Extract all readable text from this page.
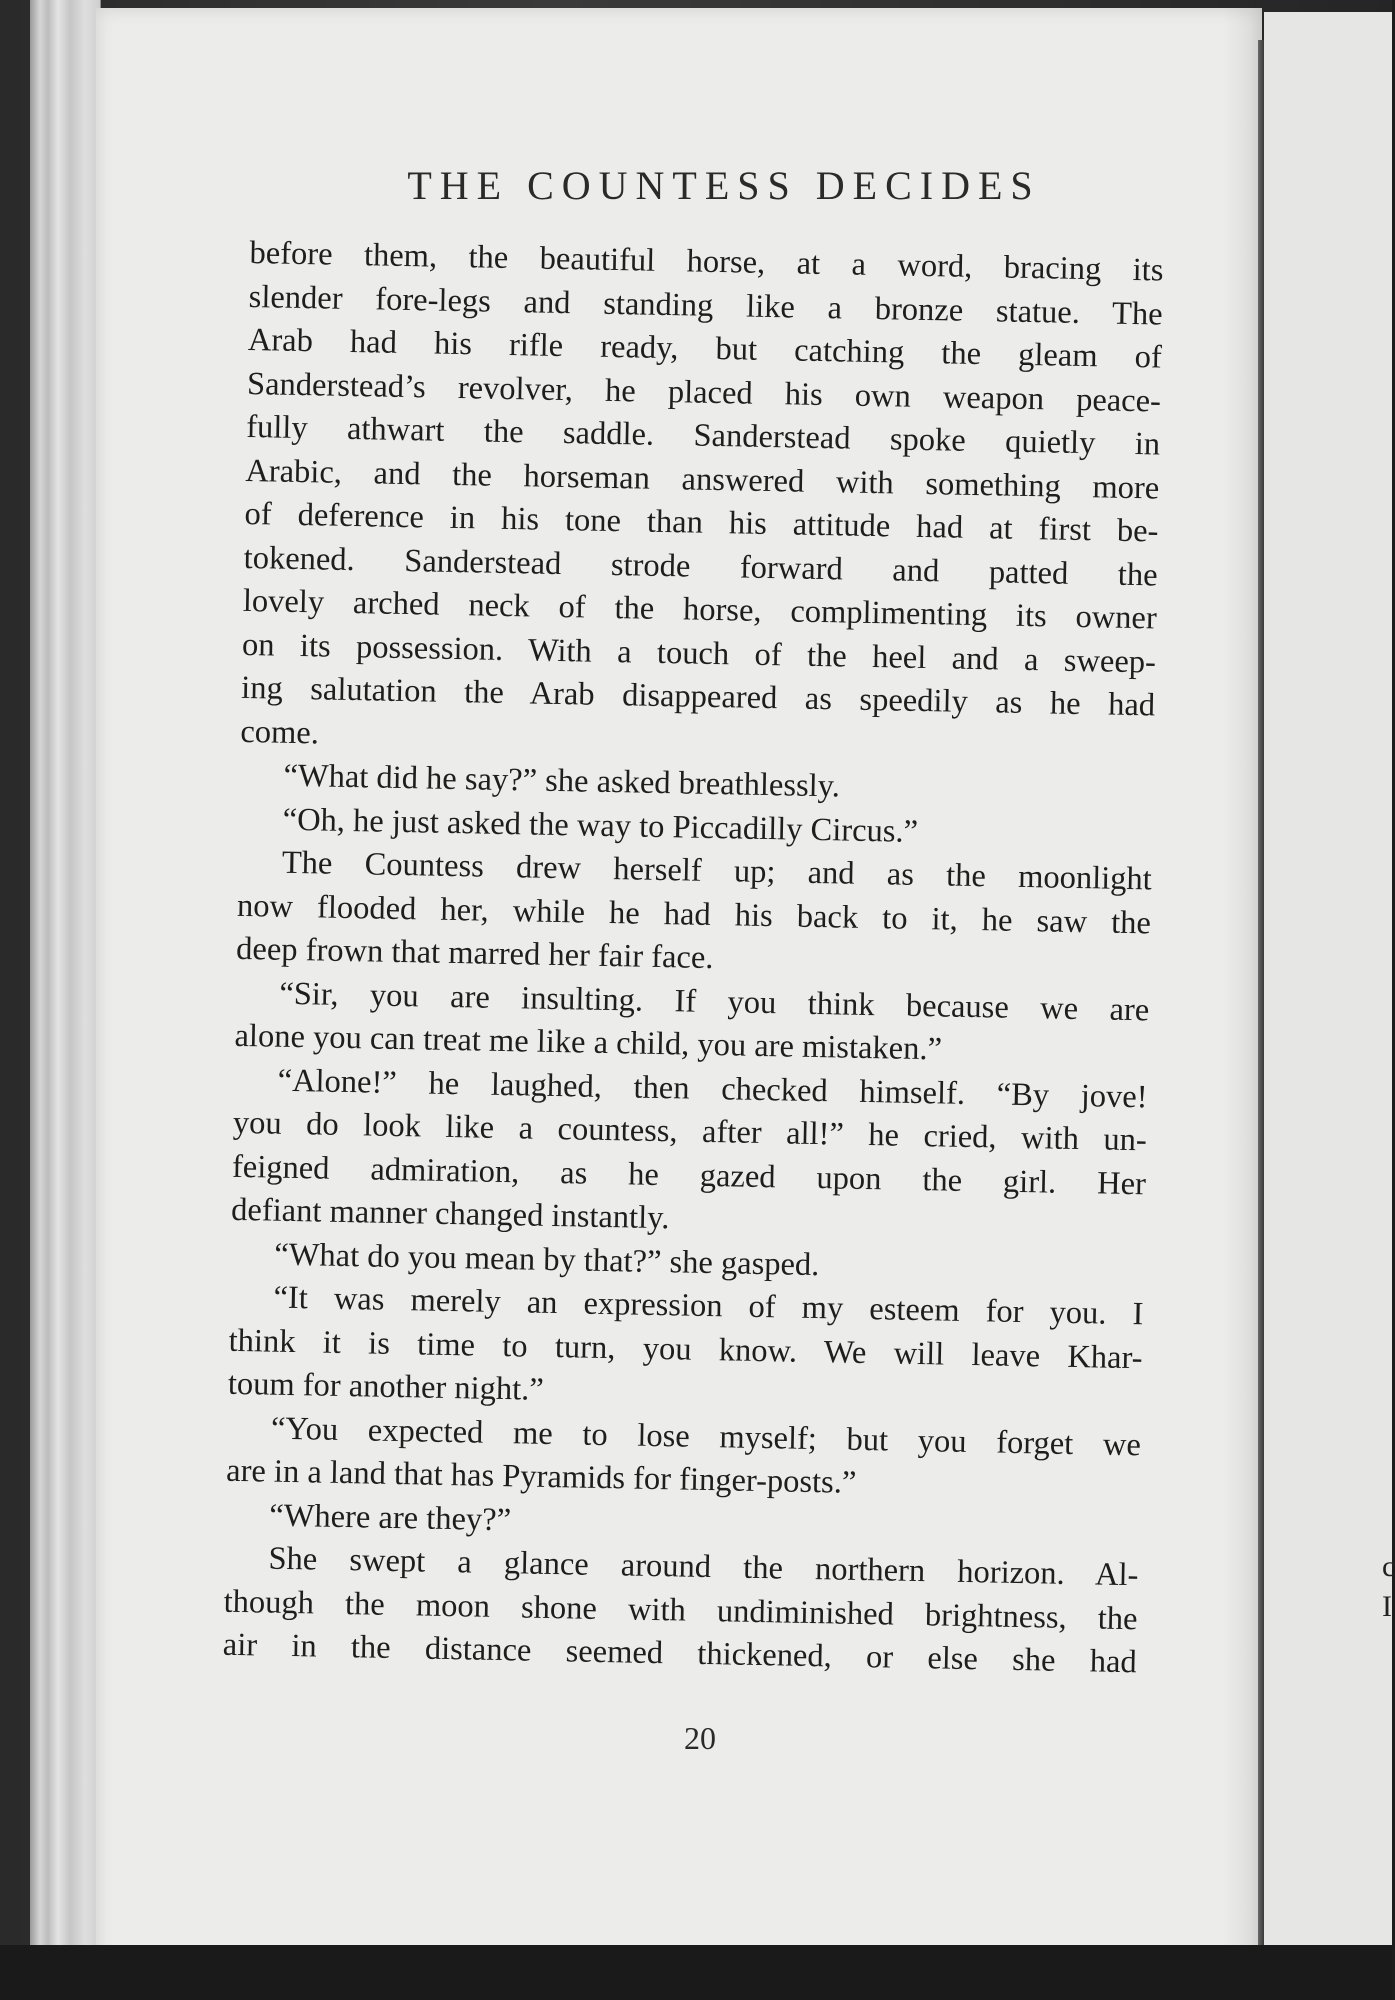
c
I
THE COUNTESS DECIDES
before them, the beautiful horse, at a word, bracing its
slender fore-legs and standing like a bronze statue. The
Arab had his rifle ready, but catching the gleam of
Sanderstead’s revolver, he placed his own weapon peace-
fully athwart the saddle. Sanderstead spoke quietly in
Arabic, and the horseman answered with something more
of deference in his tone than his attitude had at first be-
tokened. Sanderstead strode forward and patted the
lovely arched neck of the horse, complimenting its owner
on its possession. With a touch of the heel and a sweep-
ing salutation the Arab disappeared as speedily as he had
come.
“What did he say?” she asked breathlessly.
“Oh, he just asked the way to Piccadilly Circus.”
The Countess drew herself up; and as the moonlight
now flooded her, while he had his back to it, he saw the
deep frown that marred her fair face.
“Sir, you are insulting. If you think because we are
alone you can treat me like a child, you are mistaken.”
“Alone!” he laughed, then checked himself. “By jove!
you do look like a countess, after all!” he cried, with un-
feigned admiration, as he gazed upon the girl. Her
defiant manner changed instantly.
“What do you mean by that?” she gasped.
“It was merely an expression of my esteem for you. I
think it is time to turn, you know. We will leave Khar-
toum for another night.”
“You expected me to lose myself; but you forget we
are in a land that has Pyramids for finger-posts.”
“Where are they?”
She swept a glance around the northern horizon. Al-
though the moon shone with undiminished brightness, the
air in the distance seemed thickened, or else she had
20
